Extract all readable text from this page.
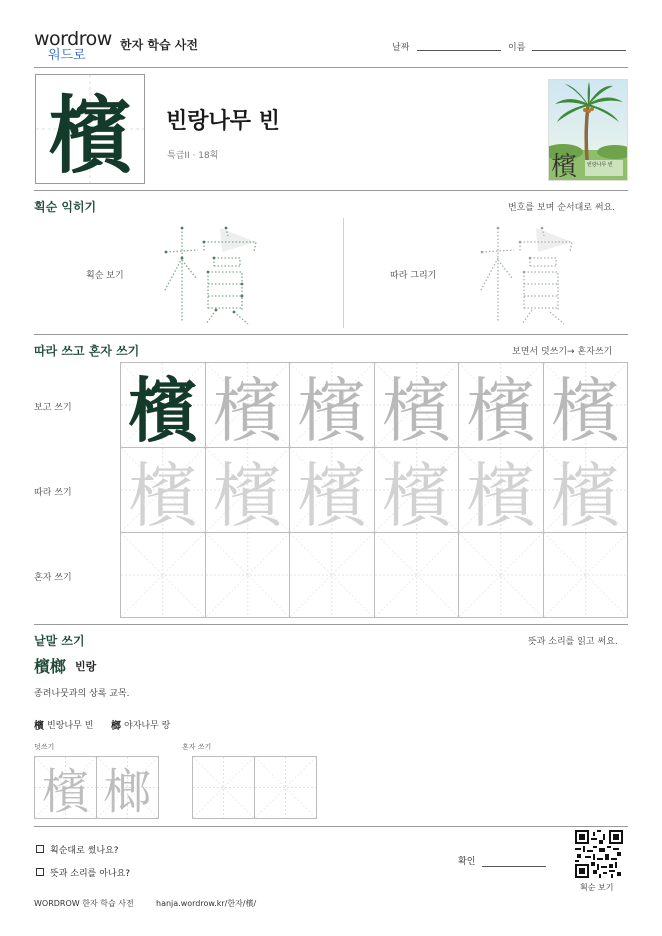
wordrow
워드로
한자 학습 사전	날짜	이름
檳	빈랑나무 빈
특급II · 18획	檳 빈랑나무 빈
획순 익히기	번호를 보며 순서대로 써요.
획순 보기	따라 그리기
따라 쓰고 혼자 쓰기	보면서 덧쓰기→ 혼자쓰기
보고 쓰기
따라 쓰기
혼자 쓰기
檳 檳 檳 檳 檳 檳
檳 檳 檳 檳 檳 檳
낱말 쓰기	뜻과 소리를 읽고 써요.
檳榔 빈랑
종려나뭇과의 상록 교목.
檳 빈랑나무 빈 榔 야자나무 랑
덧쓰기	혼자 쓰기
檳 榔
획순대로 썼나요?
뜻과 소리를 아나요?
확인
획순 보기
WORDROW 한자 학습 사전	hanja.wordrow.kr/한자/檳/
